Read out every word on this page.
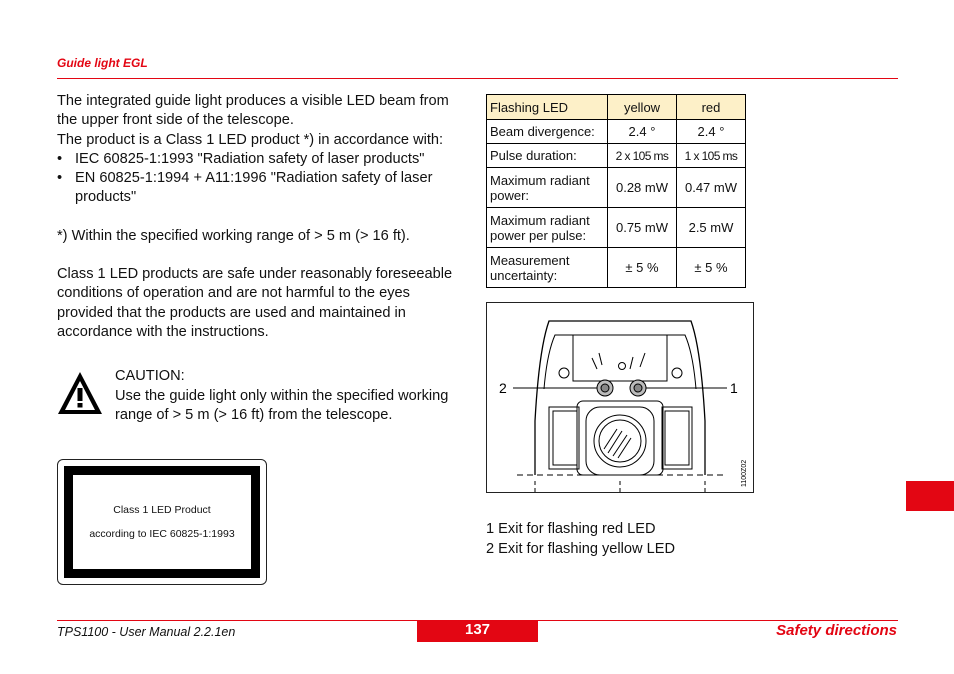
Guide light EGL

The integrated guide light produces a visible LED beam from the upper front side of the telescope.

The product is a Class 1 LED product *) in accordance with:

• IEC 60825-1:1993 "Radiation safety of laser products"
• EN 60825-1:1994 + A11:1996 "Radiation safety of laser products"

*) Within the specified working range of > 5 m (> 16 ft).

Class 1 LED products are safe under reasonably foreseeable conditions of operation and are not harmful to the eyes provided that the products are used and maintained in accordance with the instructions.

CAUTION:
Use the guide light only within the specified working range of > 5 m (> 16 ft) from the telescope.
Class 1 LED Product
according to IEC 60825-1:1993
Flashing LED	yellow	red
Beam divergence:	2.4 °	2.4 °
Pulse duration:	2 x 105 ms	1 x 105 ms
Maximum radiant power:	0.28 mW	0.47 mW
Maximum radiant power per pulse:	0.75 mW	2.5 mW
Measurement uncertainty:	± 5 %	± 5 %
2	1
1100Z02
1 Exit for flashing red LED
2 Exit for flashing yellow LED
TPS1100 - User Manual 2.2.1en	137	Safety directions
